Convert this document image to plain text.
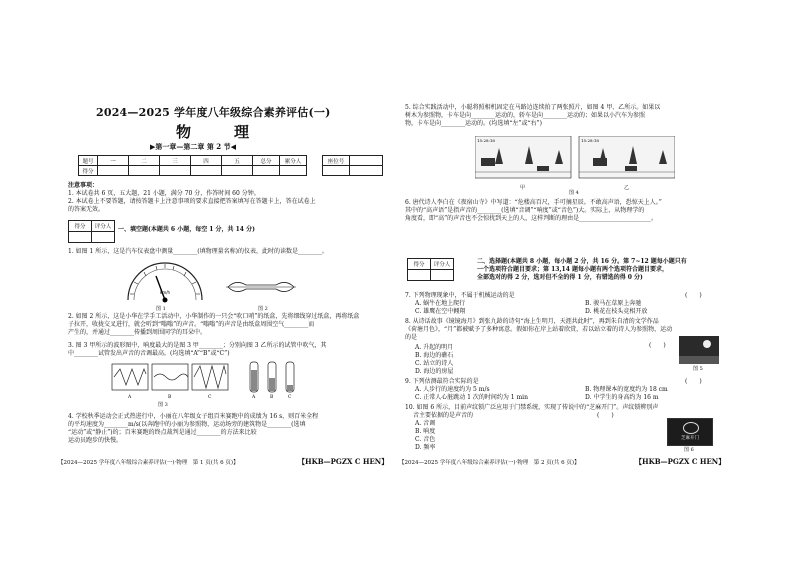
2024—2025 学年度八年级综合素养评估(一)
物　理
▶第一章—第二章 第 2 节◀
题号	一	二	三	四	五	总分	累分人
得分							
座位号	

注意事项：
1. 本试卷共 6 页，五大题，21 小题，满分 70 分，作答时间 60 分钟。
2. 本试卷上不要答题，请按答题卡上注意事项的要求直接把答案填写在答题卡上，答在试卷上
的答案无效。
得分	评分人
	一、填空题(本题共 6 小题，每空 1 分，共 14 分)
1. 如图 1 所示，这是汽车仪表盘中测量________(填物理量名称)的仪表，此时的读数是________。
km/h
图 1	图 2
2. 如图 2 所示，这是小华在学手工活动中，小华制作的一只会“吹口哨”的纸盒，先将细线穿过纸盒，再将纸盒
子拉开，收拢交叉进行，就会听到“嗡嗡”的声音。“嗡嗡”的声音是由纸盒周围空气________而
产生的，并通过________传播到周围同学的耳朵中。
3. 图 3 甲所示的波形图中，响度最大的是图 3 甲________；分别向图 3 乙所示的试管中吹气，其
中________试管发出声音的音调最高。(均选填“A”“B”或“C”)
A	B	C	A	B	C
图 3
4. 学校秋季运动会正式热进行中，小丽在八年级女子组百米赛跑中的成绩为 16 s，则百米全程
的平均速度为________m/s(以奔跑中的小丽为参照物，运动场旁的建筑物是________(选填
“运动”或“静止”)的；百米赛跑的终点裁判是通过________的方法来比较
运动员跑步的快慢。
【2024—2025 学年度八年级综合素养评估(一)·物理　第 1 页(共 6 页)】	【HKB—PGZX C HEN】
5. 综合实践活动中，小聪将照相机固定在马路边连续拍了两张照片，如图 4 甲、乙所示。如果以
树木为参照物，卡车是向________运动的，轿车是向________运动的；如果以小汽车为参照
物，卡车是向________运动的。(均选填“左”或“右”)
15:28:16	15:28:18
甲	乙
图 4
6. 唐代诗人李白在《夜宿山寺》中写道：“危楼高百尺，手可摘星辰。不敢高声语，恐惊天上人。”
其中的“高声语”是指声音的________(选填“音调”“响度”或“音色”)大。实际上，从物理学的
角度看，即“高”的声音也不会惊扰到天上的人，这样判断的理由是________________________。
得分	评分人
		二、选择题(本题共 8 小题，每小题 2 分，共 16 分。第 7~12 题每小题只有
一个选项符合题目要求；第 13,14 题每小题有两个选项符合题目要求，
全部选对的得 2 分，选对但不全的得 1 分，有错选的得 0 分)
7. 下列物理现象中，不属于机械运动的是	(　　)
A. 蜗牛在地上爬行	B. 骏马在草原上奔驰
C. 雄鹰在空中翱翔	D. 桃花在枝头竞相开放
8. 从诗话故事《镜镜海月》到张九龄的诗句“海上生明月，天涯共此时”，再到朱自清的文学作品
《荷塘月色》，“月”都被赋予了多种寓意。假如你在岸上站着欣赏，若以站立着的诗人为参照物，运动
的是
(　　)
A. 升起的明月
B. 海边的礁石
C. 站立的诗人
D. 海边的房屋	图 5
9. 下列估测最符合实际的是	(　　)
A. 人步行的速度约为 5 m/s	B. 物理课本的宽度约为 18 cm
C. 正常人心脏跳动 1 次的时间约为 1 min	D. 中学生的身高约为 16 m
10. 如图 6 所示，目前声纹锁广泛应用于门禁系统，实现了传说中的“芝麻开门”。声纹锁辨别声
音主要依据的是声音的	(　　)
A. 音调
B. 响度
C. 音色
D. 频率
芝麻开门
图 6
【2024—2025 学年度八年级综合素养评估(一)·物理　第 2 页(共 6 页)】	【HKB—PGZX C HEN】
